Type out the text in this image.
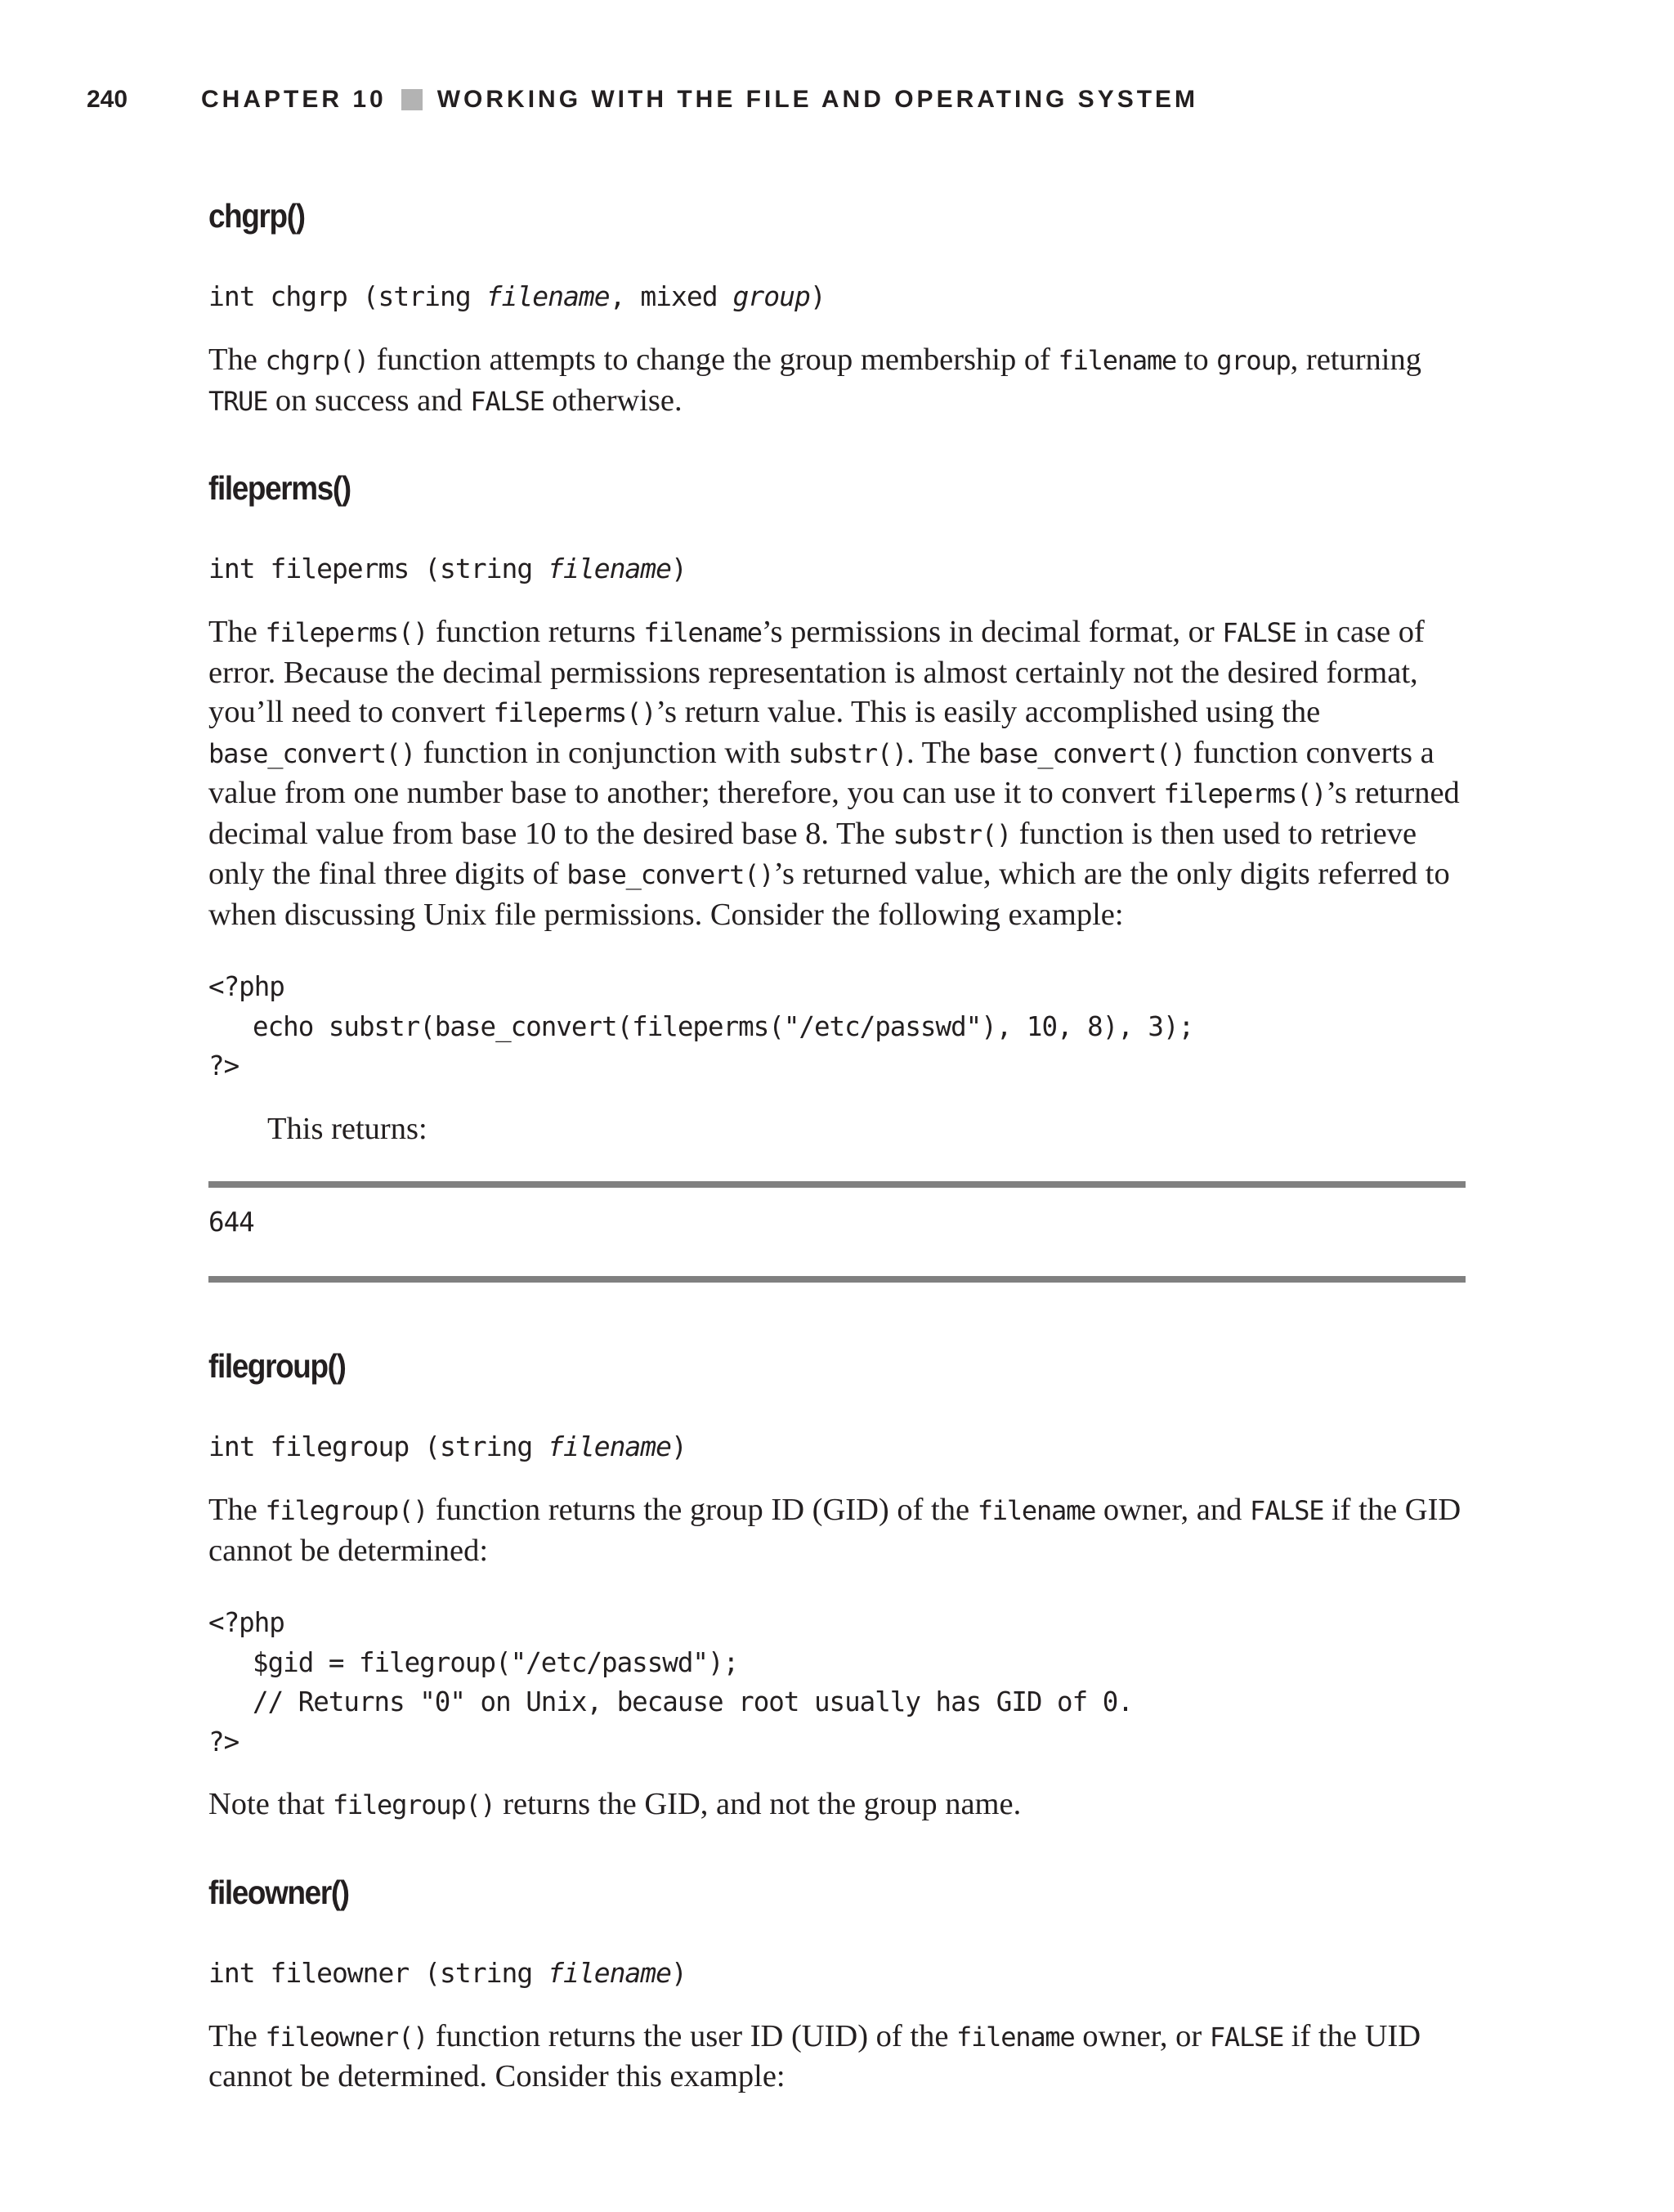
240	CHAPTER 10 WORKING WITH THE FILE AND OPERATING SYSTEM
chgrp()
int chgrp (string filename, mixed group)

The chgrp() function attempts to change the group membership of filename to group, returning TRUE on success and FALSE otherwise.

fileperms()
int fileperms (string filename)

The fileperms() function returns filename’s permissions in decimal format, or FALSE in case of error. Because the decimal permissions representation is almost certainly not the desired format, you’ll need to convert fileperms()’s return value. This is easily accomplished using the base_convert() function in conjunction with substr(). The base_convert() function converts a value from one number base to another; therefore, you can use it to convert fileperms()’s returned decimal value from base 10 to the desired base 8. The substr() function is then used to retrieve only the final three digits of base_convert()’s returned value, which are the only digits referred to when discussing Unix file permissions. Consider the following example:

<?php
echo substr(base_convert(fileperms("/etc/passwd"), 10, 8), 3);
?>

This returns:

644
filegroup()
int filegroup (string filename)

The filegroup() function returns the group ID (GID) of the filename owner, and FALSE if the GID cannot be determined:

<?php
$gid = filegroup("/etc/passwd");
// Returns "0" on Unix, because root usually has GID of 0.
?>

Note that filegroup() returns the GID, and not the group name.

fileowner()
int fileowner (string filename)

The fileowner() function returns the user ID (UID) of the filename owner, or FALSE if the UID cannot be determined. Consider this example:
